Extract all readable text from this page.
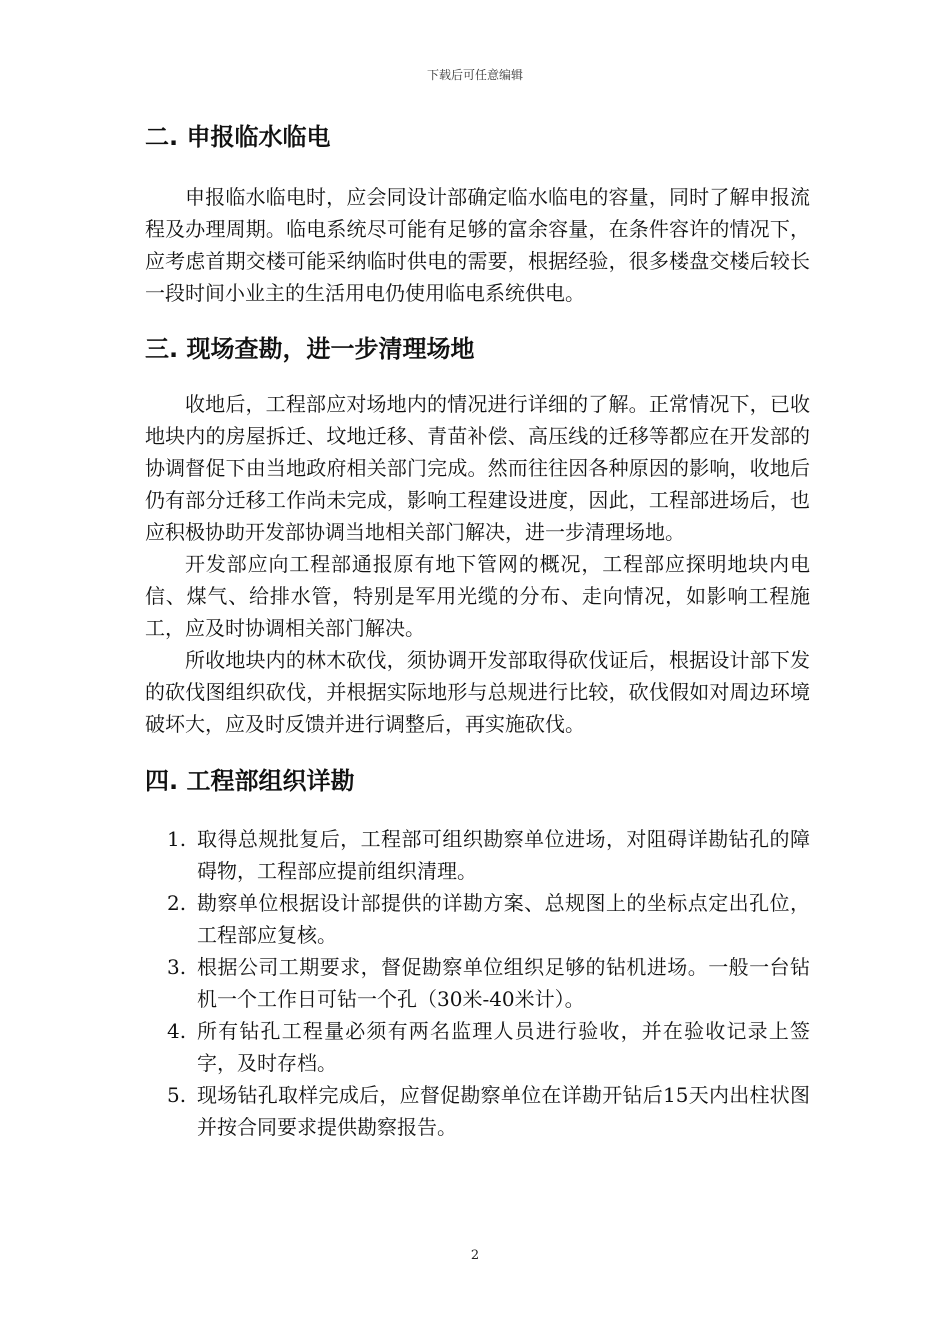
下载后可任意编辑
二. 申报临水临电

申报临水临电时，应会同设计部确定临水临电的容量，同时了解申报流程及办理周期。临电系统尽可能有足够的富余容量，在条件容许的情况下，应考虑首期交楼可能采纳临时供电的需要，根据经验，很多楼盘交楼后较长一段时间小业主的生活用电仍使用临电系统供电。

三. 现场查勘，进一步清理场地

收地后，工程部应对场地内的情况进行详细的了解。正常情况下，已收地块内的房屋拆迁、坟地迁移、青苗补偿、高压线的迁移等都应在开发部的协调督促下由当地政府相关部门完成。然而往往因各种原因的影响，收地后仍有部分迁移工作尚未完成，影响工程建设进度，因此，工程部进场后，也应积极协助开发部协调当地相关部门解决，进一步清理场地。

开发部应向工程部通报原有地下管网的概况，工程部应探明地块内电信、煤气、给排水管，特别是军用光缆的分布、走向情况，如影响工程施工，应及时协调相关部门解决。

所收地块内的林木砍伐，须协调开发部取得砍伐证后，根据设计部下发的砍伐图组织砍伐，并根据实际地形与总规进行比较，砍伐假如对周边环境破坏大，应及时反馈并进行调整后，再实施砍伐。

四. 工程部组织详勘
1. 取得总规批复后，工程部可组织勘察单位进场，对阻碍详勘钻孔的障碍物，工程部应提前组织清理。
2. 勘察单位根据设计部提供的详勘方案、总规图上的坐标点定出孔位，工程部应复核。
3. 根据公司工期要求，督促勘察单位组织足够的钻机进场。一般一台钻机一个工作日可钻一个孔（30米-40米计）。
4. 所有钻孔工程量必须有两名监理人员进行验收，并在验收记录上签字，及时存档。
5. 现场钻孔取样完成后，应督促勘察单位在详勘开钻后15天内出柱状图并按合同要求提供勘察报告。
2
